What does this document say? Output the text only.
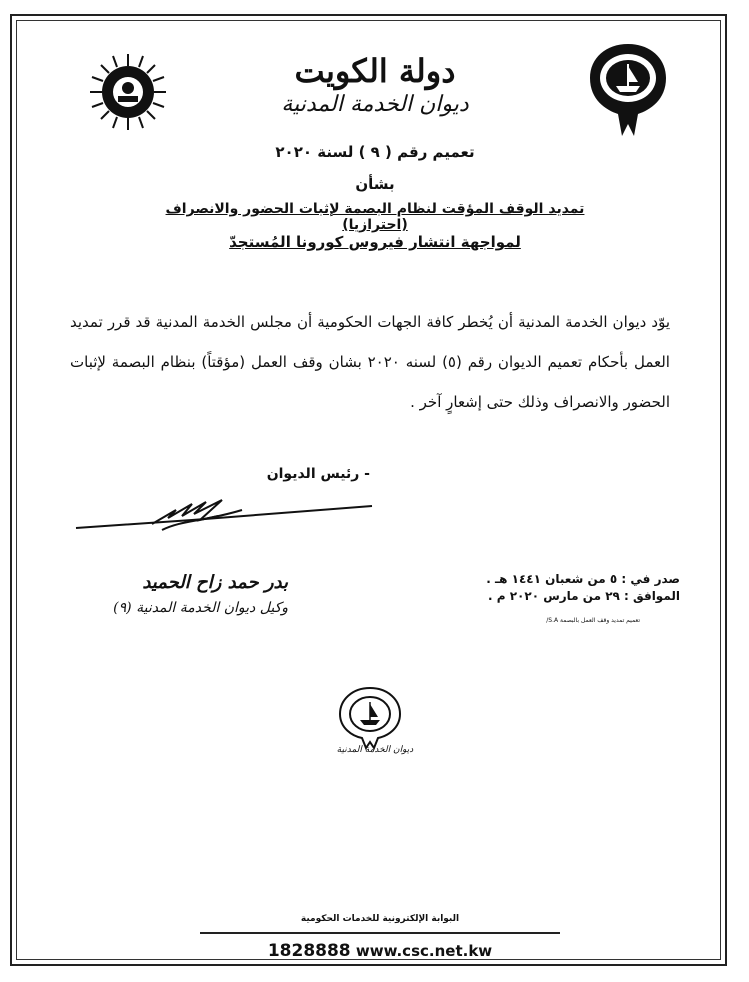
دولة الكويت
ديوان الخدمة المدنية
تعميم رقم ( ٩ ) لسنة ٢٠٢٠
بشأن
تمديد الوقف المؤقت لنظام البصمة لإثبات الحضور والانصراف (احترازيا)
لمواجهة انتشار فيروس كورونا المُستجدّ
يوّد ديوان الخدمة المدنية أن يُخطر كافة الجهات الحكومية أن مجلس الخدمة المدنية قد قرر تمديد العمل بأحكام تعميم الديوان رقم (٥) لسنه ٢٠٢٠ بشان وقف العمل (مؤقتاً) بنظام البصمة لإثبات الحضور والانصراف وذلك حتى إشعارٍ آخر .
- رئيس الديوان
صدر في : ٥ من شعبان ١٤٤١ هـ .
الموافق : ٢٩ من مارس ٢٠٢٠ م .
تعميم تمديد وقف العمل بالبصمة S.A/
بدر حمد زاح الحميد
وكيل ديوان الخدمة المدنية (٩)
ديوان الخدمة المدنية
البوابة الإلكترونية للخدمات الحكومية
1828888 www.csc.net.kw
